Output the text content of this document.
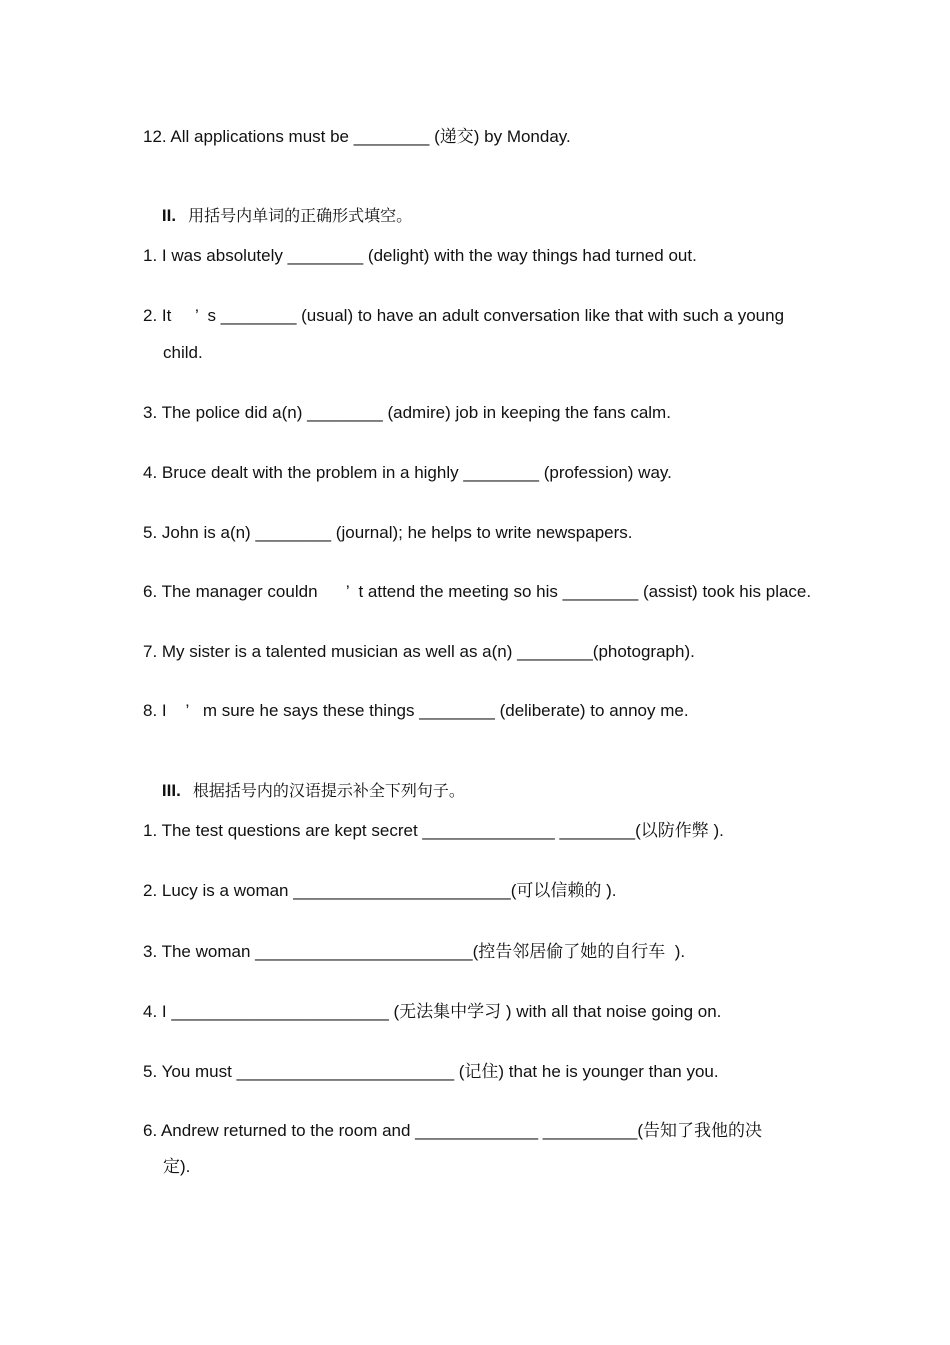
12. All applications must be ________ (递交) by Monday.

II. 用括号内单词的正确形式填空。

1. I was absolutely ________ (delight) with the way things had turned out.
2. It     ’  s ________ (usual) to have an adult conversation like that with such a young
child.
3. The police did a(n) ________ (admire) job in keeping the fans calm.
4. Bruce dealt with the problem in a highly ________ (profession) way.
5. John is a(n) ________ (journal); he helps to write newspapers.
6. The manager couldn      ’  t attend the meeting so his ________ (assist) took his place.
7. My sister is a talented musician as well as a(n) ________(photograph).
8. I    ’   m sure he says these things ________ (deliberate) to annoy me.

III. 根据括号内的汉语提示补全下列句子。

1. The test questions are kept secret ______________ ________(以防作弊 ).
2. Lucy is a woman _______________________(可以信赖的 ).
3. The woman _______________________(控告邻居偷了她的自行车  ).
4. I _______________________ (无法集中学习 ) with all that noise going on.
5. You must _______________________ (记住) that he is younger than you.
6. Andrew returned to the room and _____________ __________(告知了我他的决
定).
